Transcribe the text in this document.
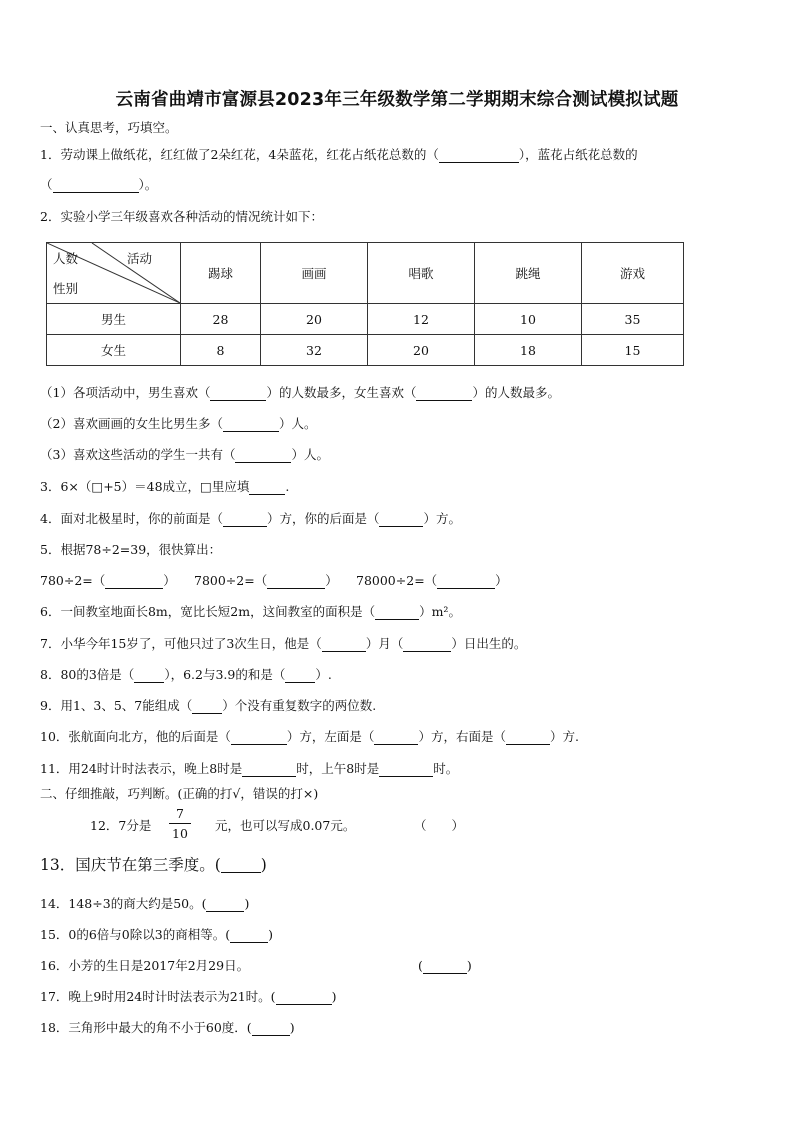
云南省曲靖市富源县2023年三年级数学第二学期期末综合测试模拟试题
一、认真思考，巧填空。
1．劳动课上做纸花，红红做了2朵红花，4朵蓝花，红花占纸花总数的（	），蓝花占纸花总数的
（	）。
2．实验小学三年级喜欢各种活动的情况统计如下：
人数 活动
性别	踢球	画画	唱歌	跳绳	游戏
男生	28	20	12	10	35
女生	8	32	20	18	15
（1）各项活动中，男生喜欢（	）的人数最多，女生喜欢（	）的人数最多。
（2）喜欢画画的女生比男生多（	）人。
（3）喜欢这些活动的学生一共有（	）人。
3．6×（□+5）＝48成立，□里应填	.
4．面对北极星时，你的前面是（	）方，你的后面是（	）方。
5．根据78÷2=39，很快算出：
780÷2=（	） 7800÷2=（	） 78000÷2=（	）
6．一间教室地面长8m，宽比长短2m，这间教室的面积是（	）m²。
7．小华今年15岁了，可他只过了3次生日，他是（	）月（	）日出生的。
8．80的3倍是（ ），6.2与3.9的和是（ ）.
9．用1、3、5、7能组成（ ）个没有重复数字的两位数.
10．张航面向北方，他的后面是（	）方，左面是（	）方，右面是（	）方.
11．用24时计时法表示，晚上8时是	时，上午8时是	时。
二、仔细推敲，巧判断。(正确的打√，错误的打×)
12．7分是
7
10
元，也可以写成0.07元。	（　　）
13．国庆节在第三季度。(	)
14．148÷3的商大约是50。(	)
15．0的6倍与0除以3的商相等。(	)
16．小芳的生日是2017年2月29日。	(	)
17．晚上9时用24时计时法表示为21时。(	)
18．三角形中最大的角不小于60度．(	)
